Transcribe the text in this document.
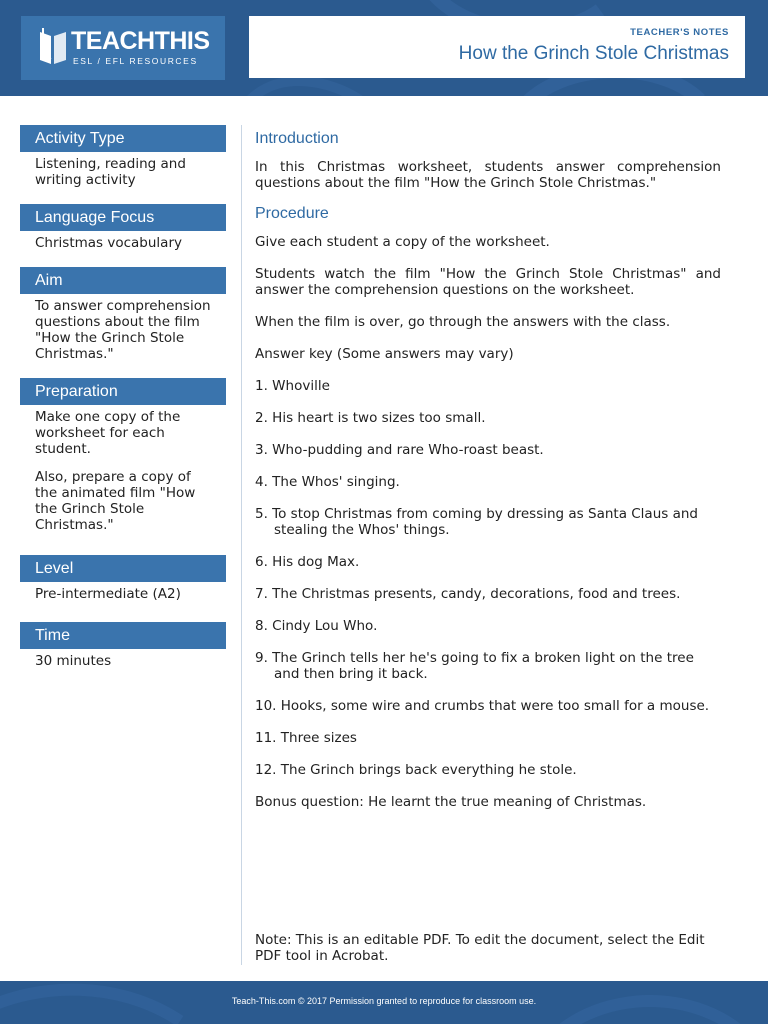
TEACHTHIS
ESL / EFL RESOURCES
TEACHER'S NOTES
How the Grinch Stole Christmas
Activity Type

Listening, reading and writing activity

Language Focus

Christmas vocabulary

Aim

To answer comprehension questions about the film "How the Grinch Stole Christmas."

Preparation

Make one copy of the worksheet for each student.

Also, prepare a copy of the animated film "How the Grinch Stole Christmas."

Level

Pre-intermediate (A2)

Time

30 minutes

Introduction

In this Christmas worksheet, students answer comprehension questions about the film "How the Grinch Stole Christmas."

Procedure

Give each student a copy of the worksheet.

Students watch the film "How the Grinch Stole Christmas" and answer the comprehension questions on the worksheet.

When the film is over, go through the answers with the class.

Answer key (Some answers may vary)

1. Whoville
2. His heart is two sizes too small.
3. Who-pudding and rare Who-roast beast.
4. The Whos' singing.
5. To stop Christmas from coming by dressing as Santa Claus and stealing the Whos' things.
6. His dog Max.
7. The Christmas presents, candy, decorations, food and trees.
8. Cindy Lou Who.
9. The Grinch tells her he's going to fix a broken light on the tree and then bring it back.
10. Hooks, some wire and crumbs that were too small for a mouse.
11. Three sizes
12. The Grinch brings back everything he stole.

Bonus question: He learnt the true meaning of Christmas.

Note: This is an editable PDF. To edit the document, select the Edit PDF tool in Acrobat.

Teach-This.com © 2017 Permission granted to reproduce for classroom use.
